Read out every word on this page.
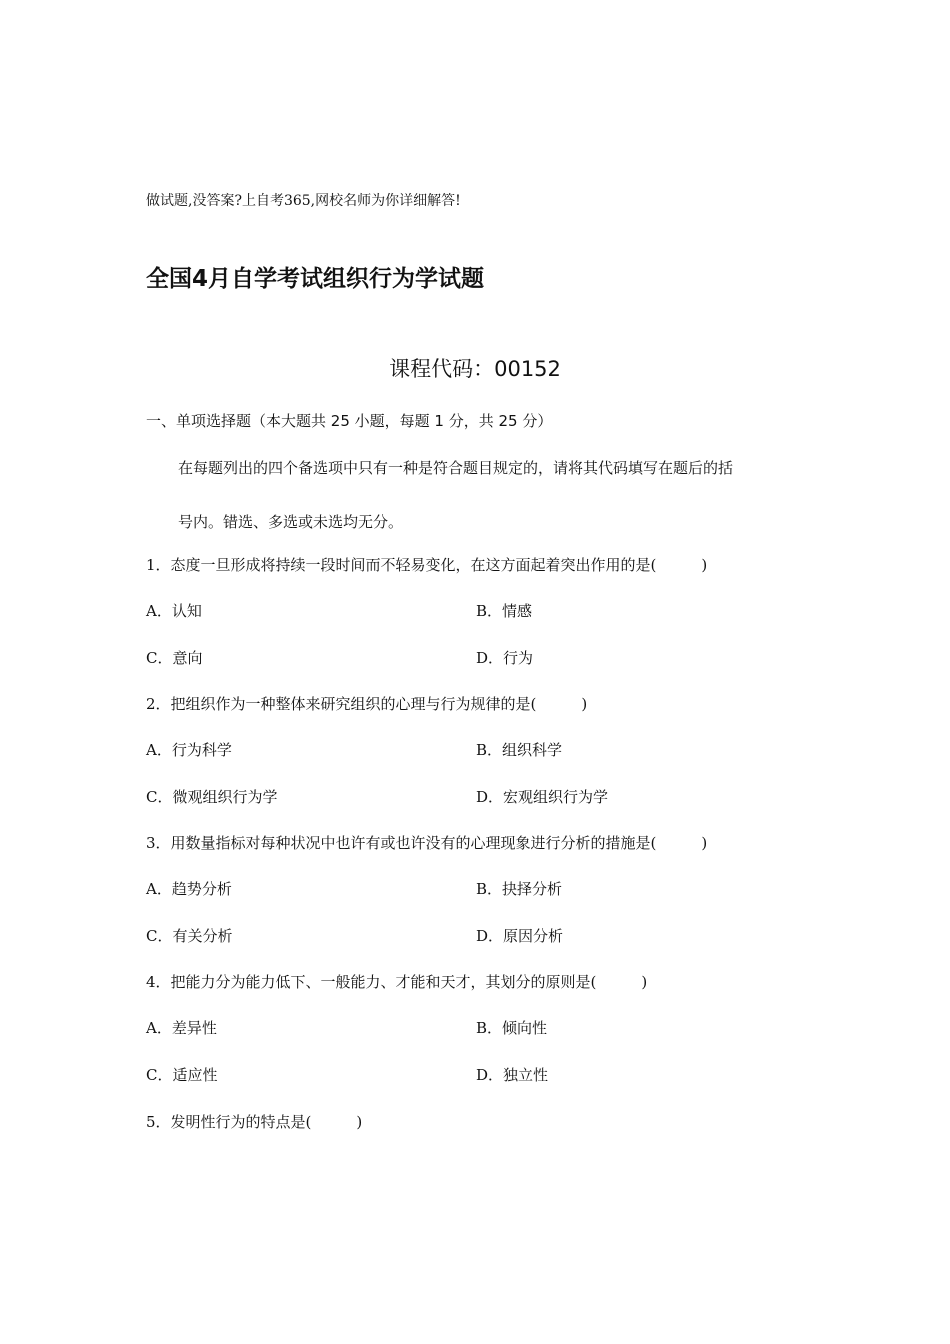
做试题,没答案?上自考365,网校名师为你详细解答!
全国4月自学考试组织行为学试题
课程代码：00152
一、单项选择题（本大题共 25 小题，每题 1 分，共 25 分）
在每题列出的四个备选项中只有一种是符合题目规定的，请将其代码填写在题后的括
号内。错选、多选或未选均无分。
1．态度一旦形成将持续一段时间而不轻易变化，在这方面起着突出作用的是(　　　)
A．认知	B．情感
C．意向	D．行为
2．把组织作为一种整体来研究组织的心理与行为规律的是(　　　)
A．行为科学	B．组织科学
C．微观组织行为学	D．宏观组织行为学
3．用数量指标对每种状况中也许有或也许没有的心理现象进行分析的措施是(　　　)
A．趋势分析	B．抉择分析
C．有关分析	D．原因分析
4．把能力分为能力低下、一般能力、才能和天才，其划分的原则是(　　　)
A．差异性	B．倾向性
C．适应性	D．独立性
5．发明性行为的特点是(　　　)
